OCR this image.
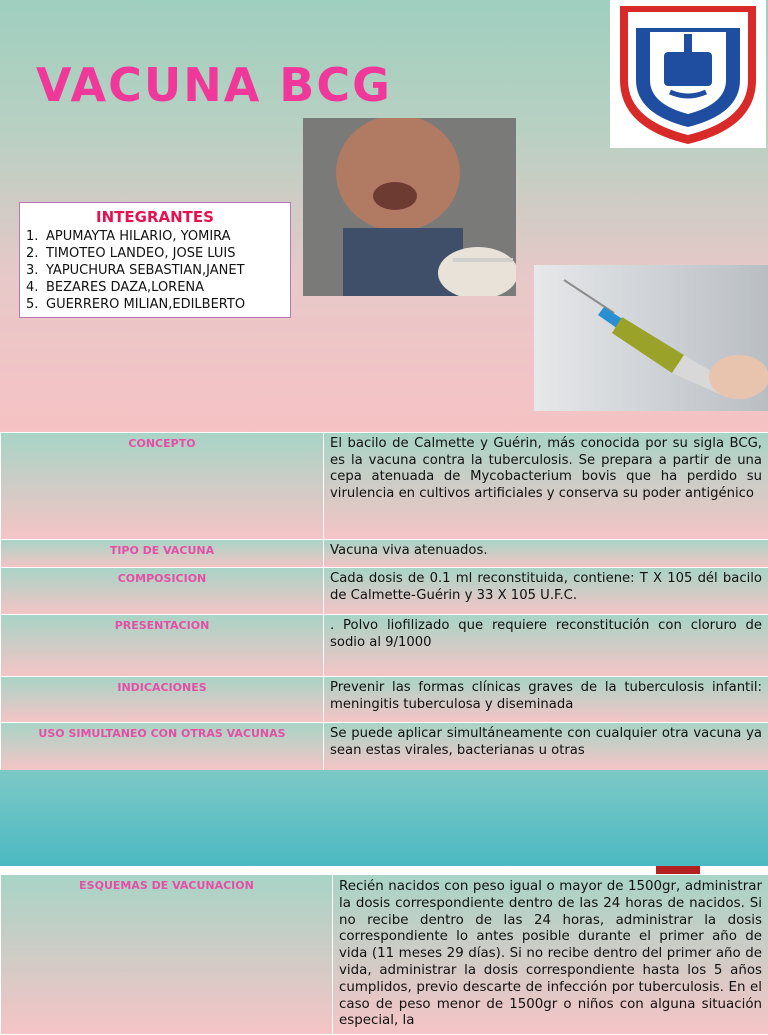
VACUNA BCG
INTEGRANTES
1. APUMAYTA HILARIO, YOMIRA
2. TIMOTEO LANDEO, JOSE LUIS
3. YAPUCHURA SEBASTIAN,JANET
4. BEZARES DAZA,LORENA
5. GUERRERO MILIAN,EDILBERTO
CONCEPTO	El bacilo de Calmette y Guérin, más conocida por su sigla BCG, es la vacuna contra la tuberculosis. Se prepara a partir de una cepa atenuada de Mycobacterium bovis que ha perdido su virulencia en cultivos artificiales y conserva su poder antigénico
TIPO DE VACUNA	Vacuna viva atenuados.
COMPOSICION	Cada dosis de 0.1 ml reconstituida, contiene: T X 105 dél bacilo de Calmette-Guérin y 33 X 105 U.F.C.
PRESENTACION	. Polvo liofilizado que requiere reconstitución con cloruro de sodio al 9/1000
INDICACIONES	Prevenir las formas clínicas graves de la tuberculosis infantil: meningitis tuberculosa y diseminada
USO SIMULTANEO CON OTRAS VACUNAS	Se puede aplicar simultáneamente con cualquier otra vacuna ya sean estas virales, bacterianas u otras
ESQUEMAS DE VACUNACION	Recién nacidos con peso igual o mayor de 1500gr, administrar la dosis correspondiente dentro de las 24 horas de nacidos. Si no recibe dentro de las 24 horas, administrar la dosis correspondiente lo antes posible durante el primer año de vida (11 meses 29 días). Si no recibe dentro del primer año de vida, administrar la dosis correspondiente hasta los 5 años cumplidos, previo descarte de infección por tuberculosis. En el caso de peso menor de 1500gr o niños con alguna situación especial, la
